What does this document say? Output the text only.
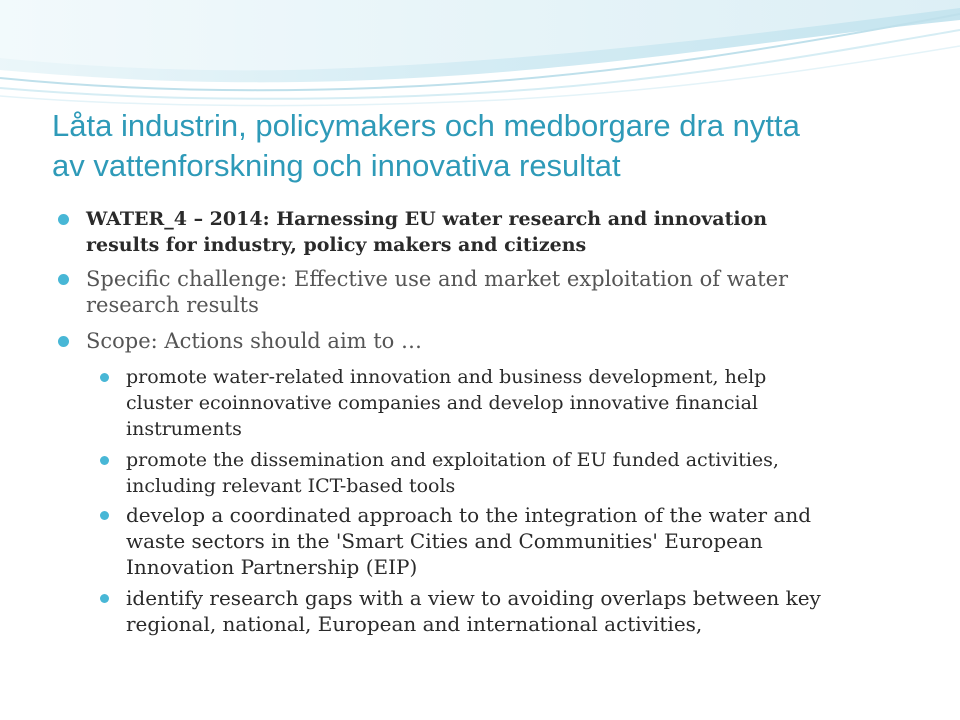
Låta industrin, policymakers och medborgare dra nytta
av vattenforskning och innovativa resultat
WATER_4 – 2014: Harnessing EU water research and innovation
results for industry, policy makers and citizens
Specific challenge: Effective use and market exploitation of water
research results
Scope: Actions should aim to …
promote water-related innovation and business development, help
cluster ecoinnovative companies and develop innovative financial
instruments
promote the dissemination and exploitation of EU funded activities,
including relevant ICT-based tools
develop a coordinated approach to the integration of the water and
waste sectors in the 'Smart Cities and Communities' European
Innovation Partnership (EIP)
identify research gaps with a view to avoiding overlaps between key
regional, national, European and international activities,
